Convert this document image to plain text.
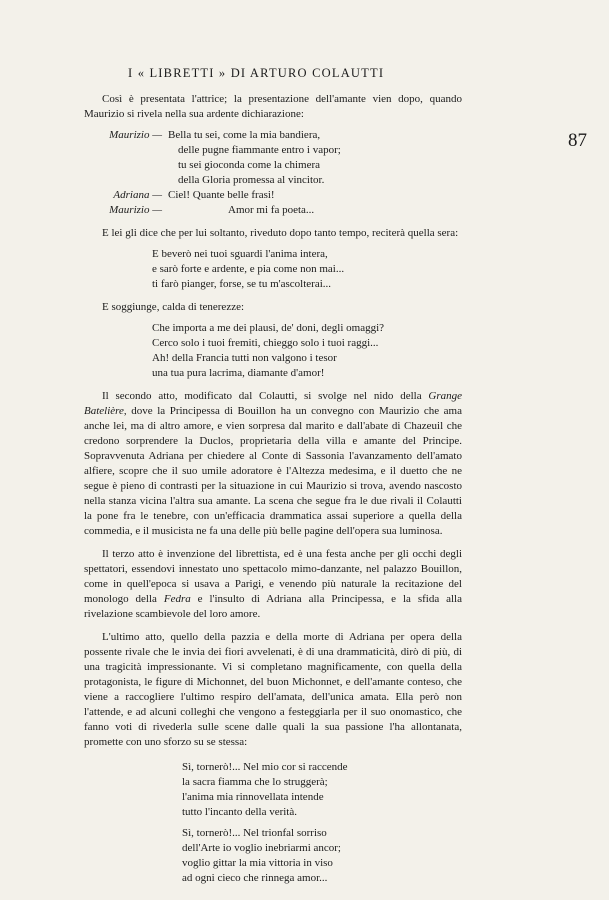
I « LIBRETTI » DI ARTURO COLAUTTI
87

Così è presentata l'attrice; la presentazione dell'amante vien dopo, quando Maurizio si rivela nella sua ardente dichiarazione:

Maurizio — Bella tu sei, come la mia bandiera,
delle pugne fiammante entro i vapor;
tu sei gioconda come la chimera
della Gloria promessa al vincitor.
Adriana — Ciel! Quante belle frasi!
Maurizio —	Amor mi fa poeta...

E lei gli dice che per lui soltanto, riveduto dopo tanto tempo, reciterà quella sera:

E beverò nei tuoi sguardi l'anima intera,
e sarò forte e ardente, e pia come non mai...
ti farò pianger, forse, se tu m'ascolterai...

E soggiunge, calda di tenerezze:

Che importa a me dei plausi, de' doni, degli omaggi?
Cerco solo i tuoi fremiti, chieggo solo i tuoi raggi...
Ah! della Francia tutti non valgono i tesor
una tua pura lacrima, diamante d'amor!

Il secondo atto, modificato dal Colautti, si svolge nel nido della Grange Batelière, dove la Principessa di Bouillon ha un convegno con Maurizio che ama anche lei, ma di altro amore, e vien sorpresa dal marito e dall'abate di Chazeuil che credono sorprendere la Duclos, proprietaria della villa e amante del Principe. Sopravvenuta Adriana per chiedere al Conte di Sassonia l'avanzamento dell'amato alfiere, scopre che il suo umile adoratore è l'Altezza medesima, e il duetto che ne segue è pieno di contrasti per la situazione in cui Maurizio si trova, avendo nascosto nella stanza vicina l'altra sua amante. La scena che segue fra le due rivali il Colautti la pone fra le tenebre, con un'efficacia drammatica assai superiore a quella della commedia, e il musicista ne fa una delle più belle pagine dell'opera sua luminosa.

Il terzo atto è invenzione del librettista, ed è una festa anche per gli occhi degli spettatori, essendovi innestato uno spettacolo mimo-danzante, nel palazzo Bouillon, come in quell'epoca si usava a Parigi, e venendo più naturale la recitazione del monologo della Fedra e l'insulto di Adriana alla Principessa, e la sfida alla rivelazione scambievole del loro amore.

L'ultimo atto, quello della pazzia e della morte di Adriana per opera della possente rivale che le invia dei fiori avvelenati, è di una drammaticità, dirò di più, di una tragicità impressionante. Vi si completano magnificamente, con quella della protagonista, le figure di Michonnet, del buon Michonnet, e dell'amante conteso, che viene a raccogliere l'ultimo respiro dell'amata, dell'unica amata. Ella però non l'attende, e ad alcuni colleghi che vengono a festeggiarla per il suo onomastico, che fanno voti di rivederla sulle scene dalle quali la sua passione l'ha allontanata, promette con uno sforzo su se stessa:

Sì, tornerò!... Nel mio cor si raccende
la sacra fiamma che lo struggerà;
l'anima mia rinnovellata intende
tutto l'incanto della verità.
Sì, tornerò!... Nel trionfal sorriso
dell'Arte io voglio inebriarmi ancor;
voglio gittar la mia vittoria in viso
ad ogni cieco che rinnega amor...
